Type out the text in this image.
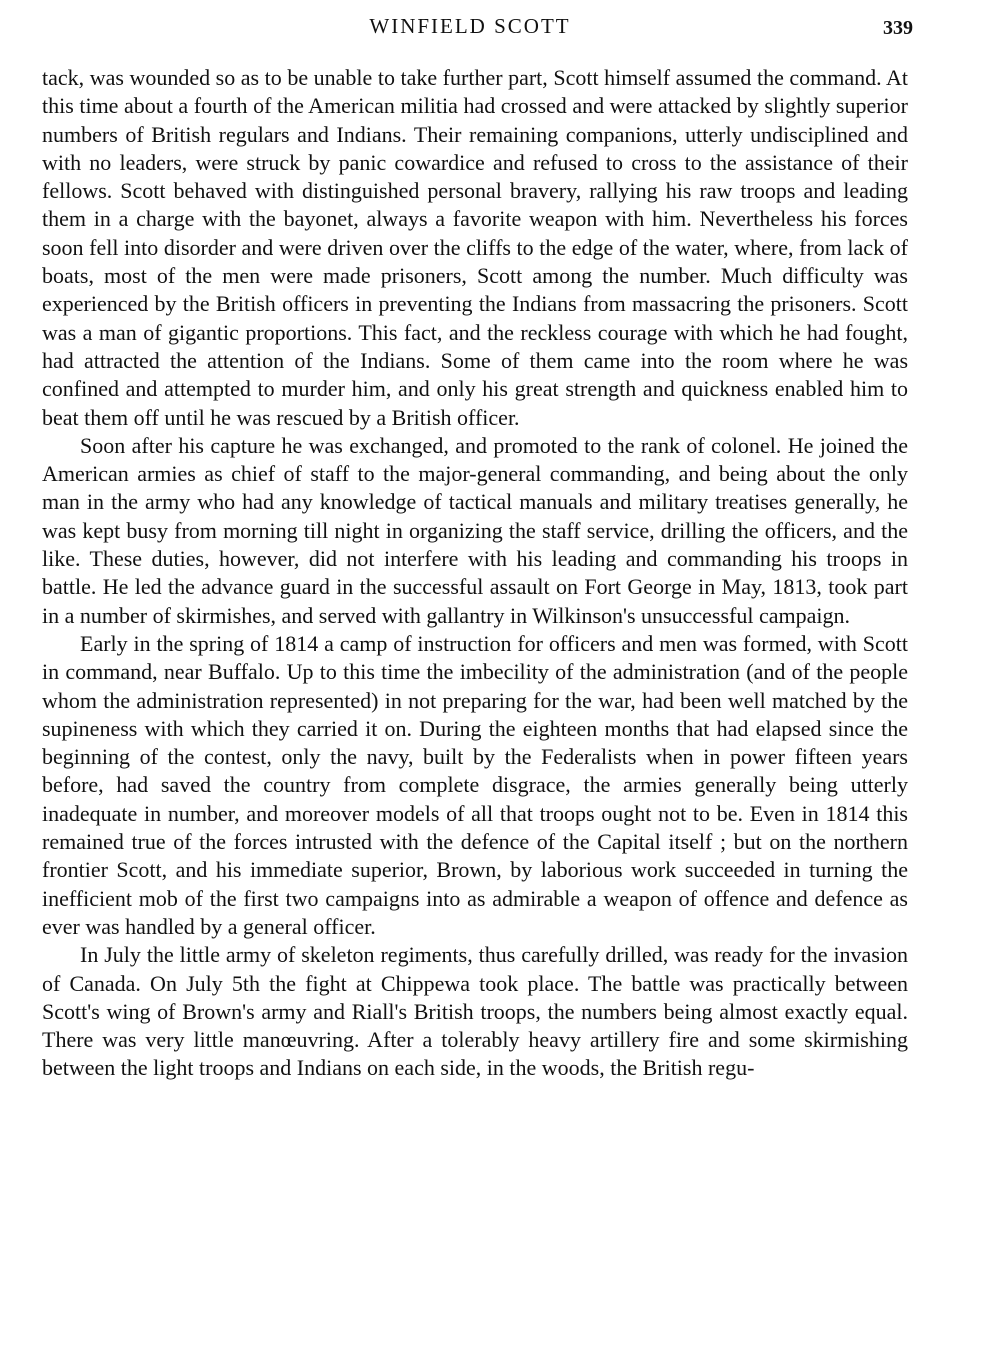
WINFIELD SCOTT	339

tack, was wounded so as to be unable to take further part, Scott himself assumed the command. At this time about a fourth of the American militia had crossed and were attacked by slightly superior numbers of British regulars and Indians. Their remaining companions, utterly undisciplined and with no leaders, were struck by panic cowardice and refused to cross to the assistance of their fellows. Scott behaved with distinguished personal bravery, rallying his raw troops and leading them in a charge with the bayonet, always a favorite weapon with him. Nevertheless his forces soon fell into disorder and were driven over the cliffs to the edge of the water, where, from lack of boats, most of the men were made prisoners, Scott among the number. Much difficulty was experienced by the British officers in preventing the Indians from massacring the prisoners. Scott was a man of gigantic proportions. This fact, and the reckless courage with which he had fought, had attracted the attention of the Indians. Some of them came into the room where he was confined and attempted to murder him, and only his great strength and quickness enabled him to beat them off until he was rescued by a British officer.

Soon after his capture he was exchanged, and promoted to the rank of colonel. He joined the American armies as chief of staff to the major-general commanding, and being about the only man in the army who had any knowledge of tactical manuals and military treatises generally, he was kept busy from morning till night in organizing the staff service, drilling the officers, and the like. These duties, however, did not interfere with his leading and commanding his troops in battle. He led the advance guard in the successful assault on Fort George in May, 1813, took part in a number of skirmishes, and served with gallantry in Wilkinson's unsuccessful campaign.

Early in the spring of 1814 a camp of instruction for officers and men was formed, with Scott in command, near Buffalo. Up to this time the imbecility of the administration (and of the people whom the administration represented) in not preparing for the war, had been well matched by the supineness with which they carried it on. During the eighteen months that had elapsed since the beginning of the contest, only the navy, built by the Federalists when in power fifteen years before, had saved the country from complete disgrace, the armies generally being utterly inadequate in number, and moreover models of all that troops ought not to be. Even in 1814 this remained true of the forces intrusted with the defence of the Capital itself ; but on the northern frontier Scott, and his immediate superior, Brown, by laborious work succeeded in turning the inefficient mob of the first two campaigns into as admirable a weapon of offence and defence as ever was handled by a general officer.

In July the little army of skeleton regiments, thus carefully drilled, was ready for the invasion of Canada. On July 5th the fight at Chippewa took place. The battle was practically between Scott's wing of Brown's army and Riall's British troops, the numbers being almost exactly equal. There was very little manœuvring. After a tolerably heavy artillery fire and some skirmishing between the light troops and Indians on each side, in the woods, the British regu-
